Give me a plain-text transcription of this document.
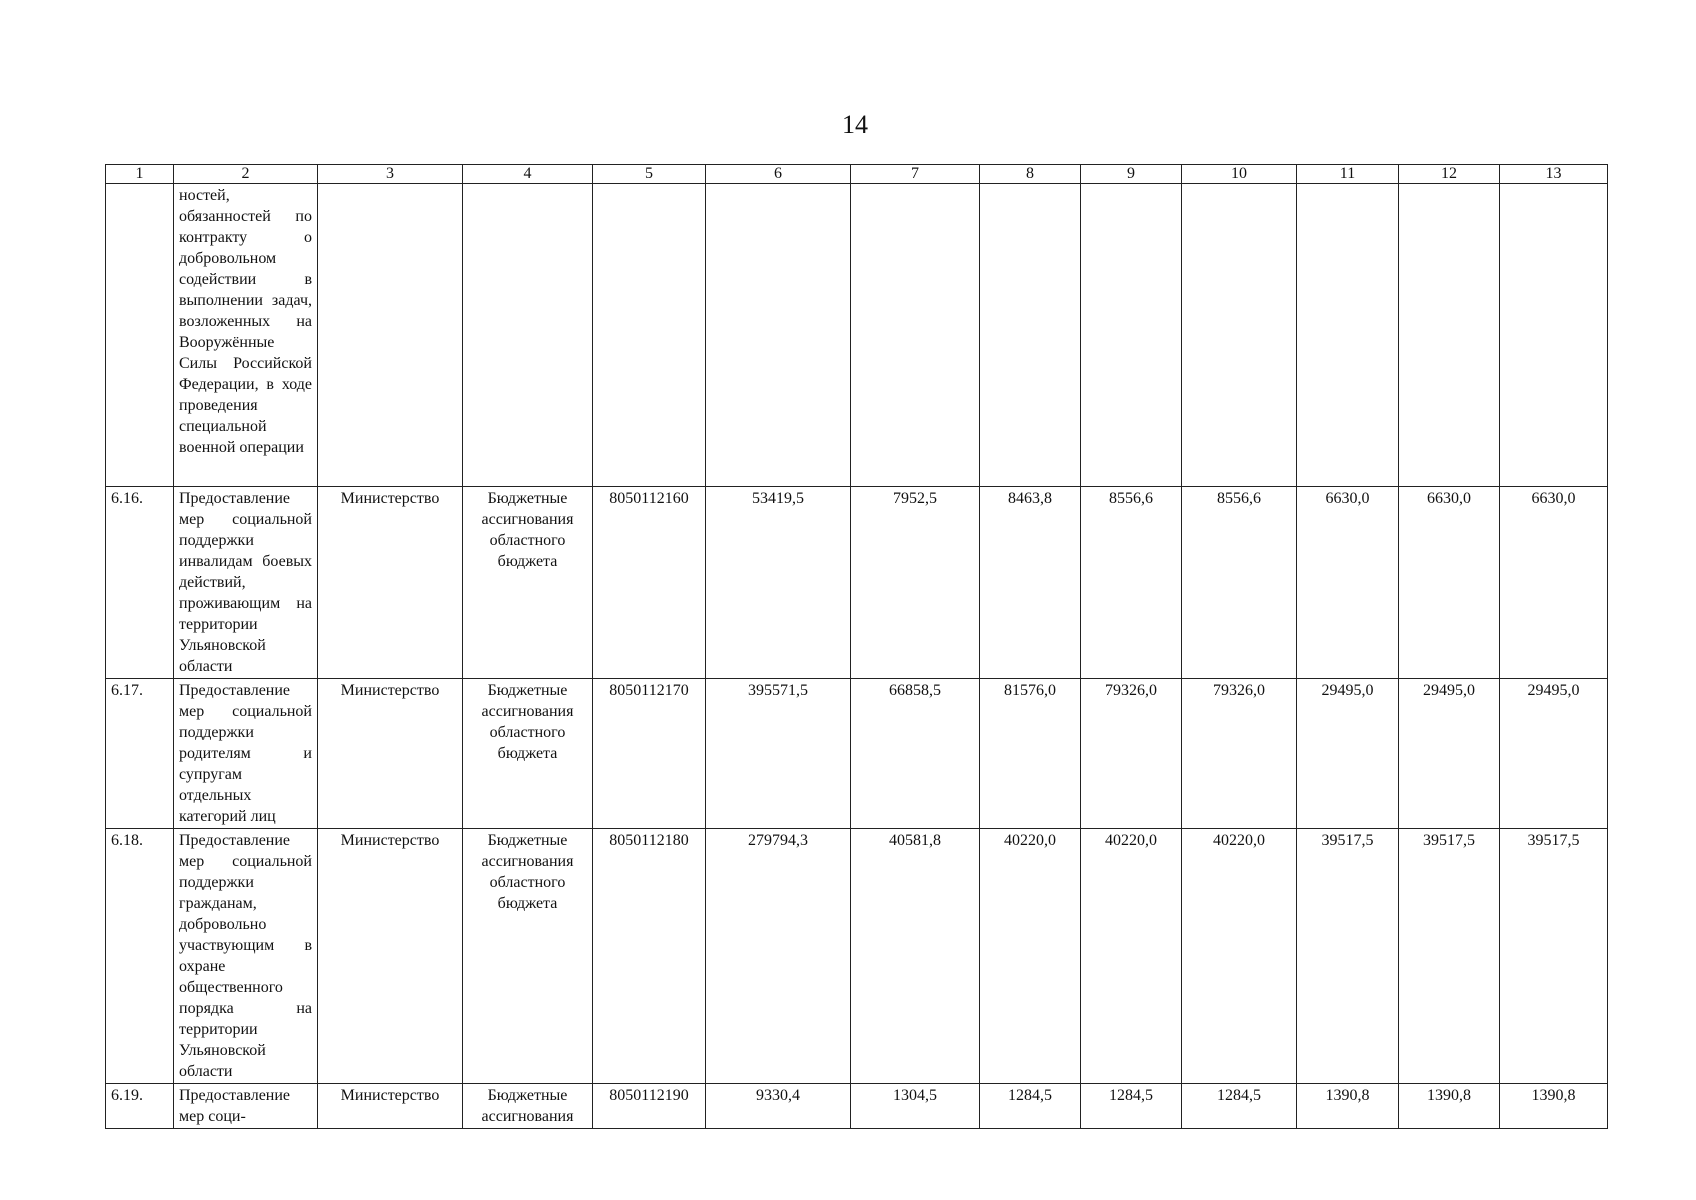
14
1	2	3	4	5	6	7	8	9	10	11	12	13
	ностей, обязанностей по контракту о добровольном содействии в выполнении задач, возложенных на Вооружённые Силы Российской Федерации, в ходе проведения специальной военной операции											
6.16.	Предоставление мер социальной поддержки инвалидам боевых действий, проживающим на территории Ульяновской области	Министерство	Бюджетные ассигнования областного бюджета	8050112160	53419,5	7952,5	8463,8	8556,6	8556,6	6630,0	6630,0	6630,0
6.17.	Предоставление мер социальной поддержки родителям и супругам отдельных категорий лиц	Министерство	Бюджетные ассигнования областного бюджета	8050112170	395571,5	66858,5	81576,0	79326,0	79326,0	29495,0	29495,0	29495,0
6.18.	Предоставление мер социальной поддержки гражданам, добровольно участвующим в охране общественного порядка на территории Ульяновской области	Министерство	Бюджетные ассигнования областного бюджета	8050112180	279794,3	40581,8	40220,0	40220,0	40220,0	39517,5	39517,5	39517,5
6.19.	Предоставление мер соци-	Министерство	Бюджетные ассигнования	8050112190	9330,4	1304,5	1284,5	1284,5	1284,5	1390,8	1390,8	1390,8
